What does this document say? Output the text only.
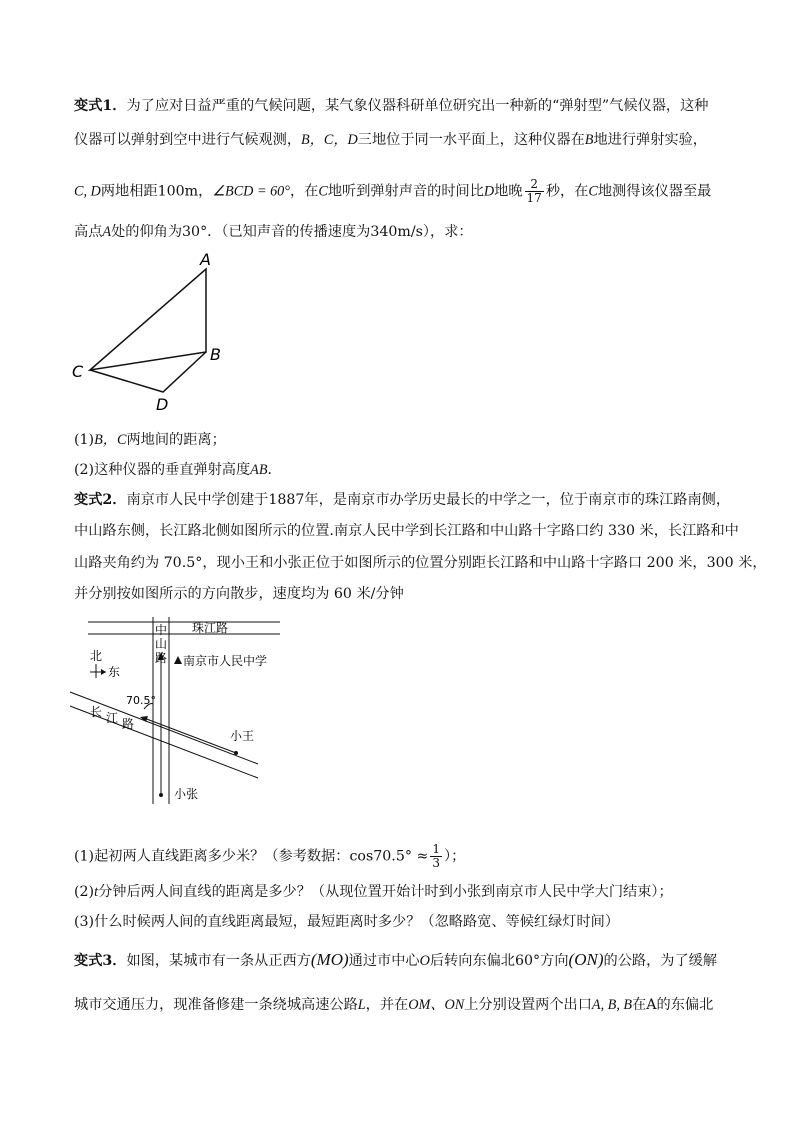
变式1．为了应对日益严重的气候问题，某气象仪器科研单位研究出一种新的“弹射型”气候仪器，这种
仪器可以弹射到空中进行气候观测，B，C，D三地位于同一水平面上，这种仪器在B地进行弹射实验，
C, D两地相距100m，∠BCD = 60°，在C地听到弹射声音的时间比D地晚 $\frac{2}{17}$ 秒，在C地测得该仪器至最
高点A处的仰角为30°．（已知声音的传播速度为340m/s），求：
A
B
C
D
(1)B，C两地间的距离；
(2)这种仪器的垂直弹射高度AB．
变式2．南京市人民中学创建于1887年，是南京市办学历史最长的中学之一，位于南京市的珠江路南侧，
中山路东侧，长江路北侧如图所示的位置.南京人民中学到长江路和中山路十字路口约 330 米，长江路和中
山路夹角约为 70.5°，现小王和小张正位于如图所示的位置分别距长江路和中山路十字路口 200 米，300 米，
并分别按如图所示的方向散步，速度均为 60 米/分钟
珠江路
中
山
路 南京市人民中学
北
东
70.5°
长 江 路
小王
小张
(1)起初两人直线距离多少米？（参考数据：$\cos 70.5^\circ \approx \frac{1}{3}$ ）；
(2)t分钟后两人间直线的距离是多少？（从现位置开始计时到小张到南京市人民中学大门结束）；
(3)什么时候两人间的直线距离最短，最短距离时多少？（忽略路宽、等候红绿灯时间）
变式3．如图，某城市有一条从正西方(MO)通过市中心O后转向东偏北60°方向(ON)的公路，为了缓解
城市交通压力，现准备修建一条绕城高速公路L，并在OM、ON上分别设置两个出口A, B, B在A的东偏北
